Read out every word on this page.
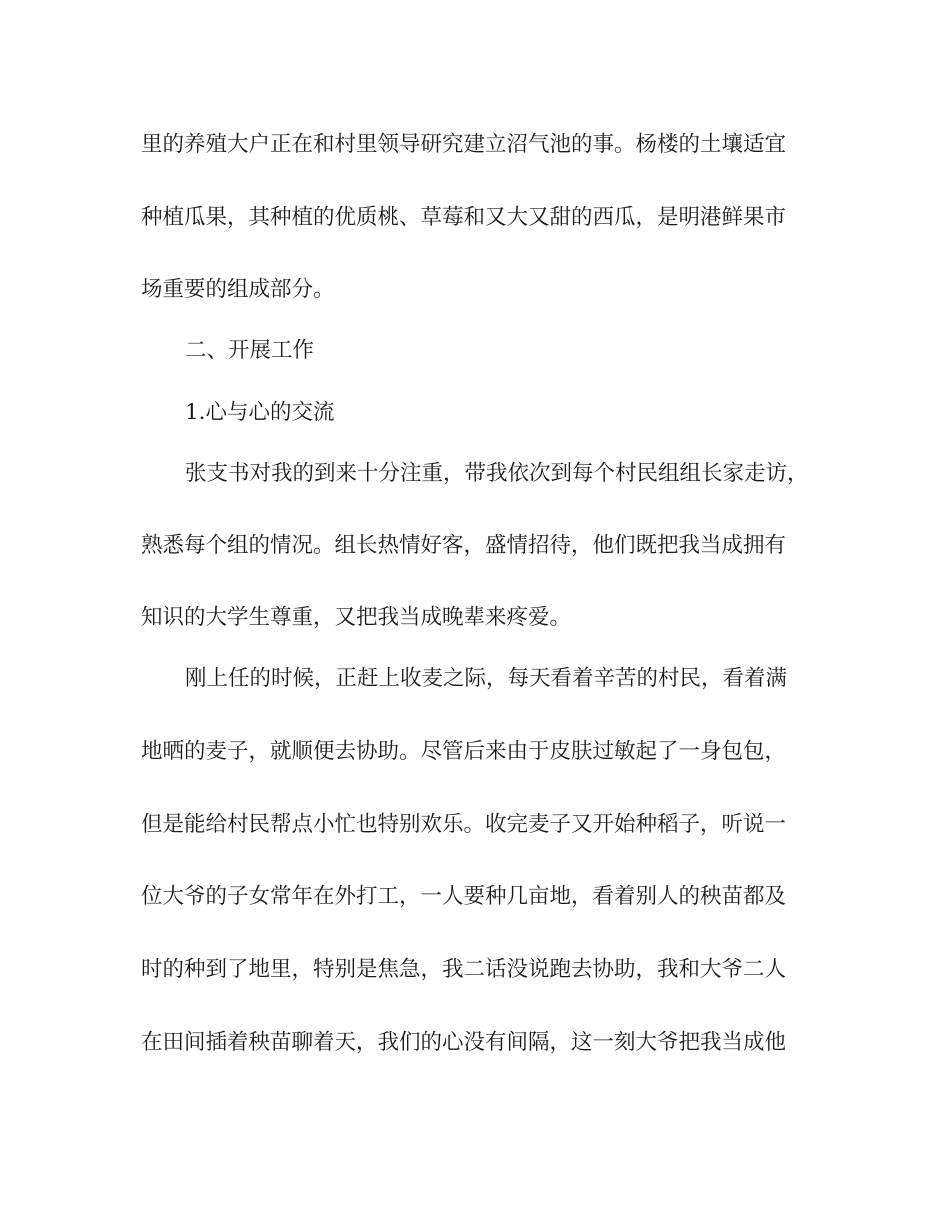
里的养殖大户正在和村里领导研究建立沼气池的事。杨楼的土壤适宜
种植瓜果，其种植的优质桃、草莓和又大又甜的西瓜，是明港鲜果市
场重要的组成部分。
二、开展工作
1.心与心的交流
张支书对我的到来十分注重，带我依次到每个村民组组长家走访，
熟悉每个组的情况。组长热情好客，盛情招待，他们既把我当成拥有
知识的大学生尊重，又把我当成晚辈来疼爱。
刚上任的时候，正赶上收麦之际，每天看着辛苦的村民，看着满
地晒的麦子，就顺便去协助。尽管后来由于皮肤过敏起了一身包包，
但是能给村民帮点小忙也特别欢乐。收完麦子又开始种稻子，听说一
位大爷的子女常年在外打工，一人要种几亩地，看着别人的秧苗都及
时的种到了地里，特别是焦急，我二话没说跑去协助，我和大爷二人
在田间插着秧苗聊着天，我们的心没有间隔，这一刻大爷把我当成他
